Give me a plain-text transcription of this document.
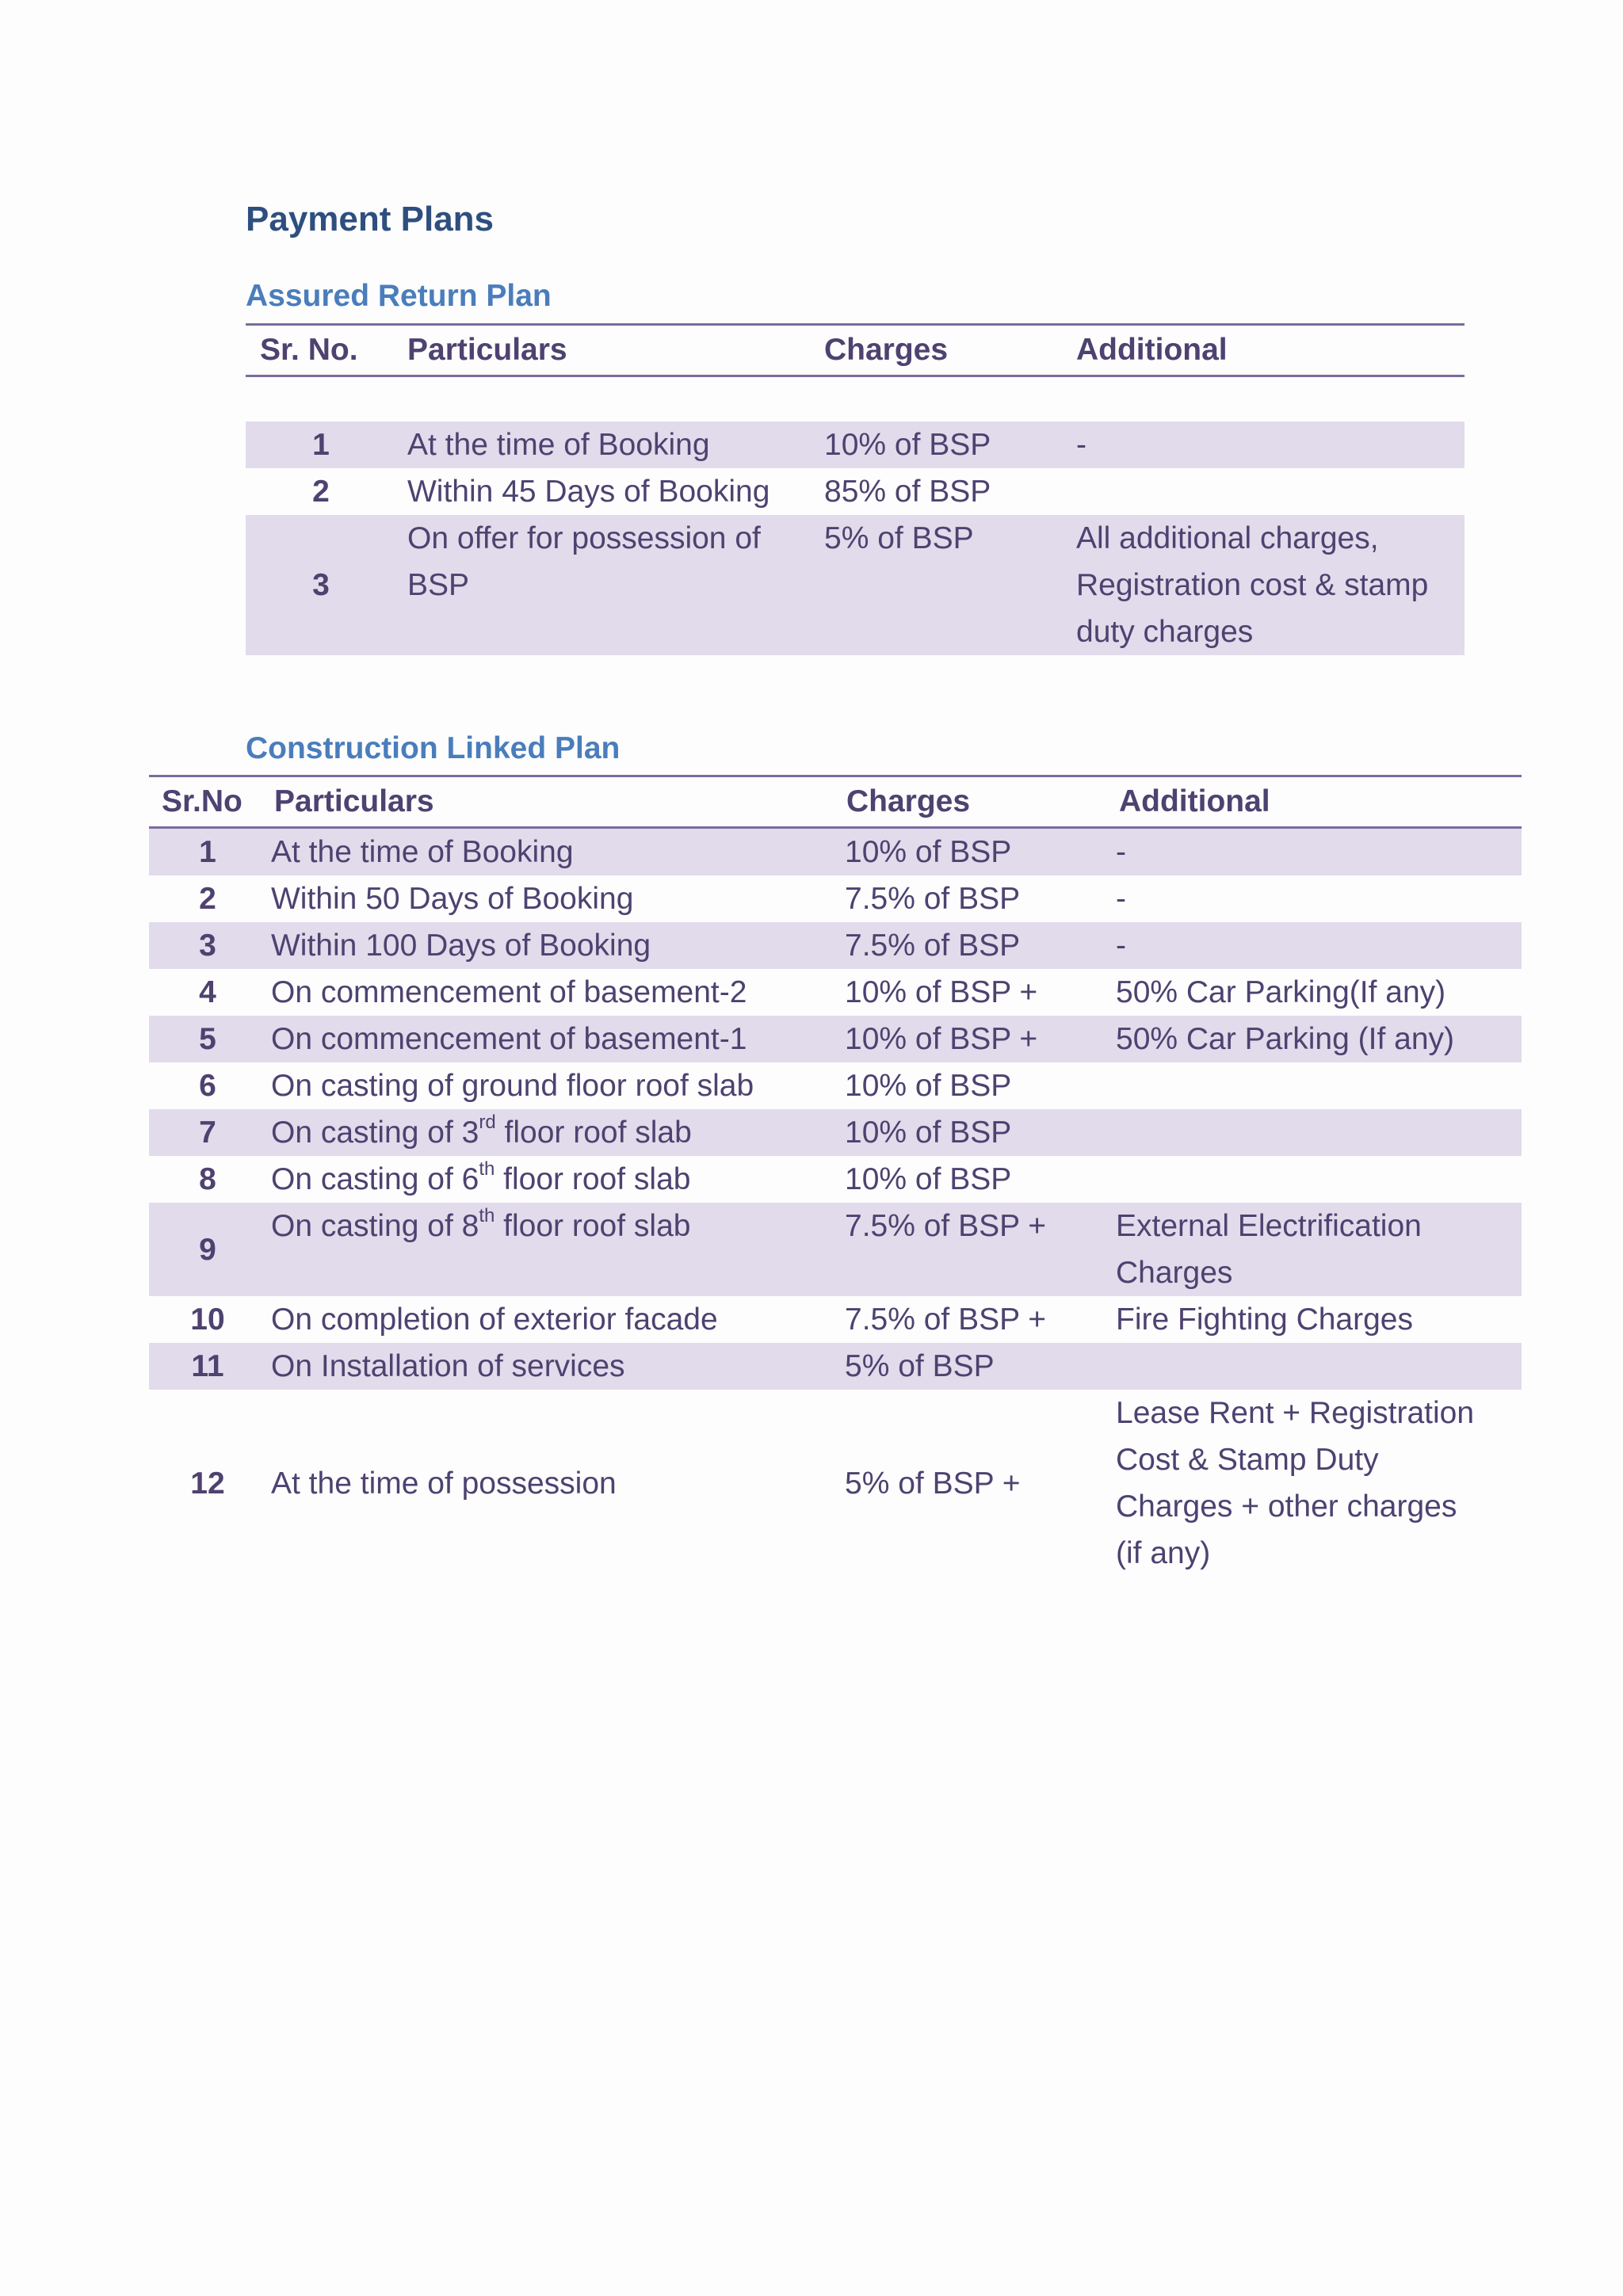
Payment Plans
Assured Return Plan
Sr. No.	Particulars	Charges	Additional

1	At the time of Booking	10% of BSP	-
2	Within 45 Days of Booking	85% of BSP	
3	On offer for possession of BSP	5% of BSP	All additional charges, Registration cost & stamp duty charges
Construction Linked Plan
Sr.No	Particulars	Charges	Additional
1	At the time of Booking	10% of BSP	-
2	Within 50 Days of Booking	7.5% of BSP	-
3	Within 100 Days of Booking	7.5% of BSP	-
4	On commencement of basement-2	10% of BSP +	50% Car Parking(If any)
5	On commencement of basement-1	10% of BSP +	50% Car Parking (If any)
6	On casting of ground floor roof slab	10% of BSP	
7	On casting of 3rd floor roof slab	10% of BSP	
8	On casting of 6th floor roof slab	10% of BSP	
9	On casting of 8th floor roof slab	7.5% of BSP +	External Electrification Charges
10	On completion of exterior facade	7.5% of BSP +	Fire Fighting Charges
11	On Installation of services	5% of BSP	
12	At the time of possession	5% of BSP +	Lease Rent + Registration Cost & Stamp Duty Charges + other charges (if any)
